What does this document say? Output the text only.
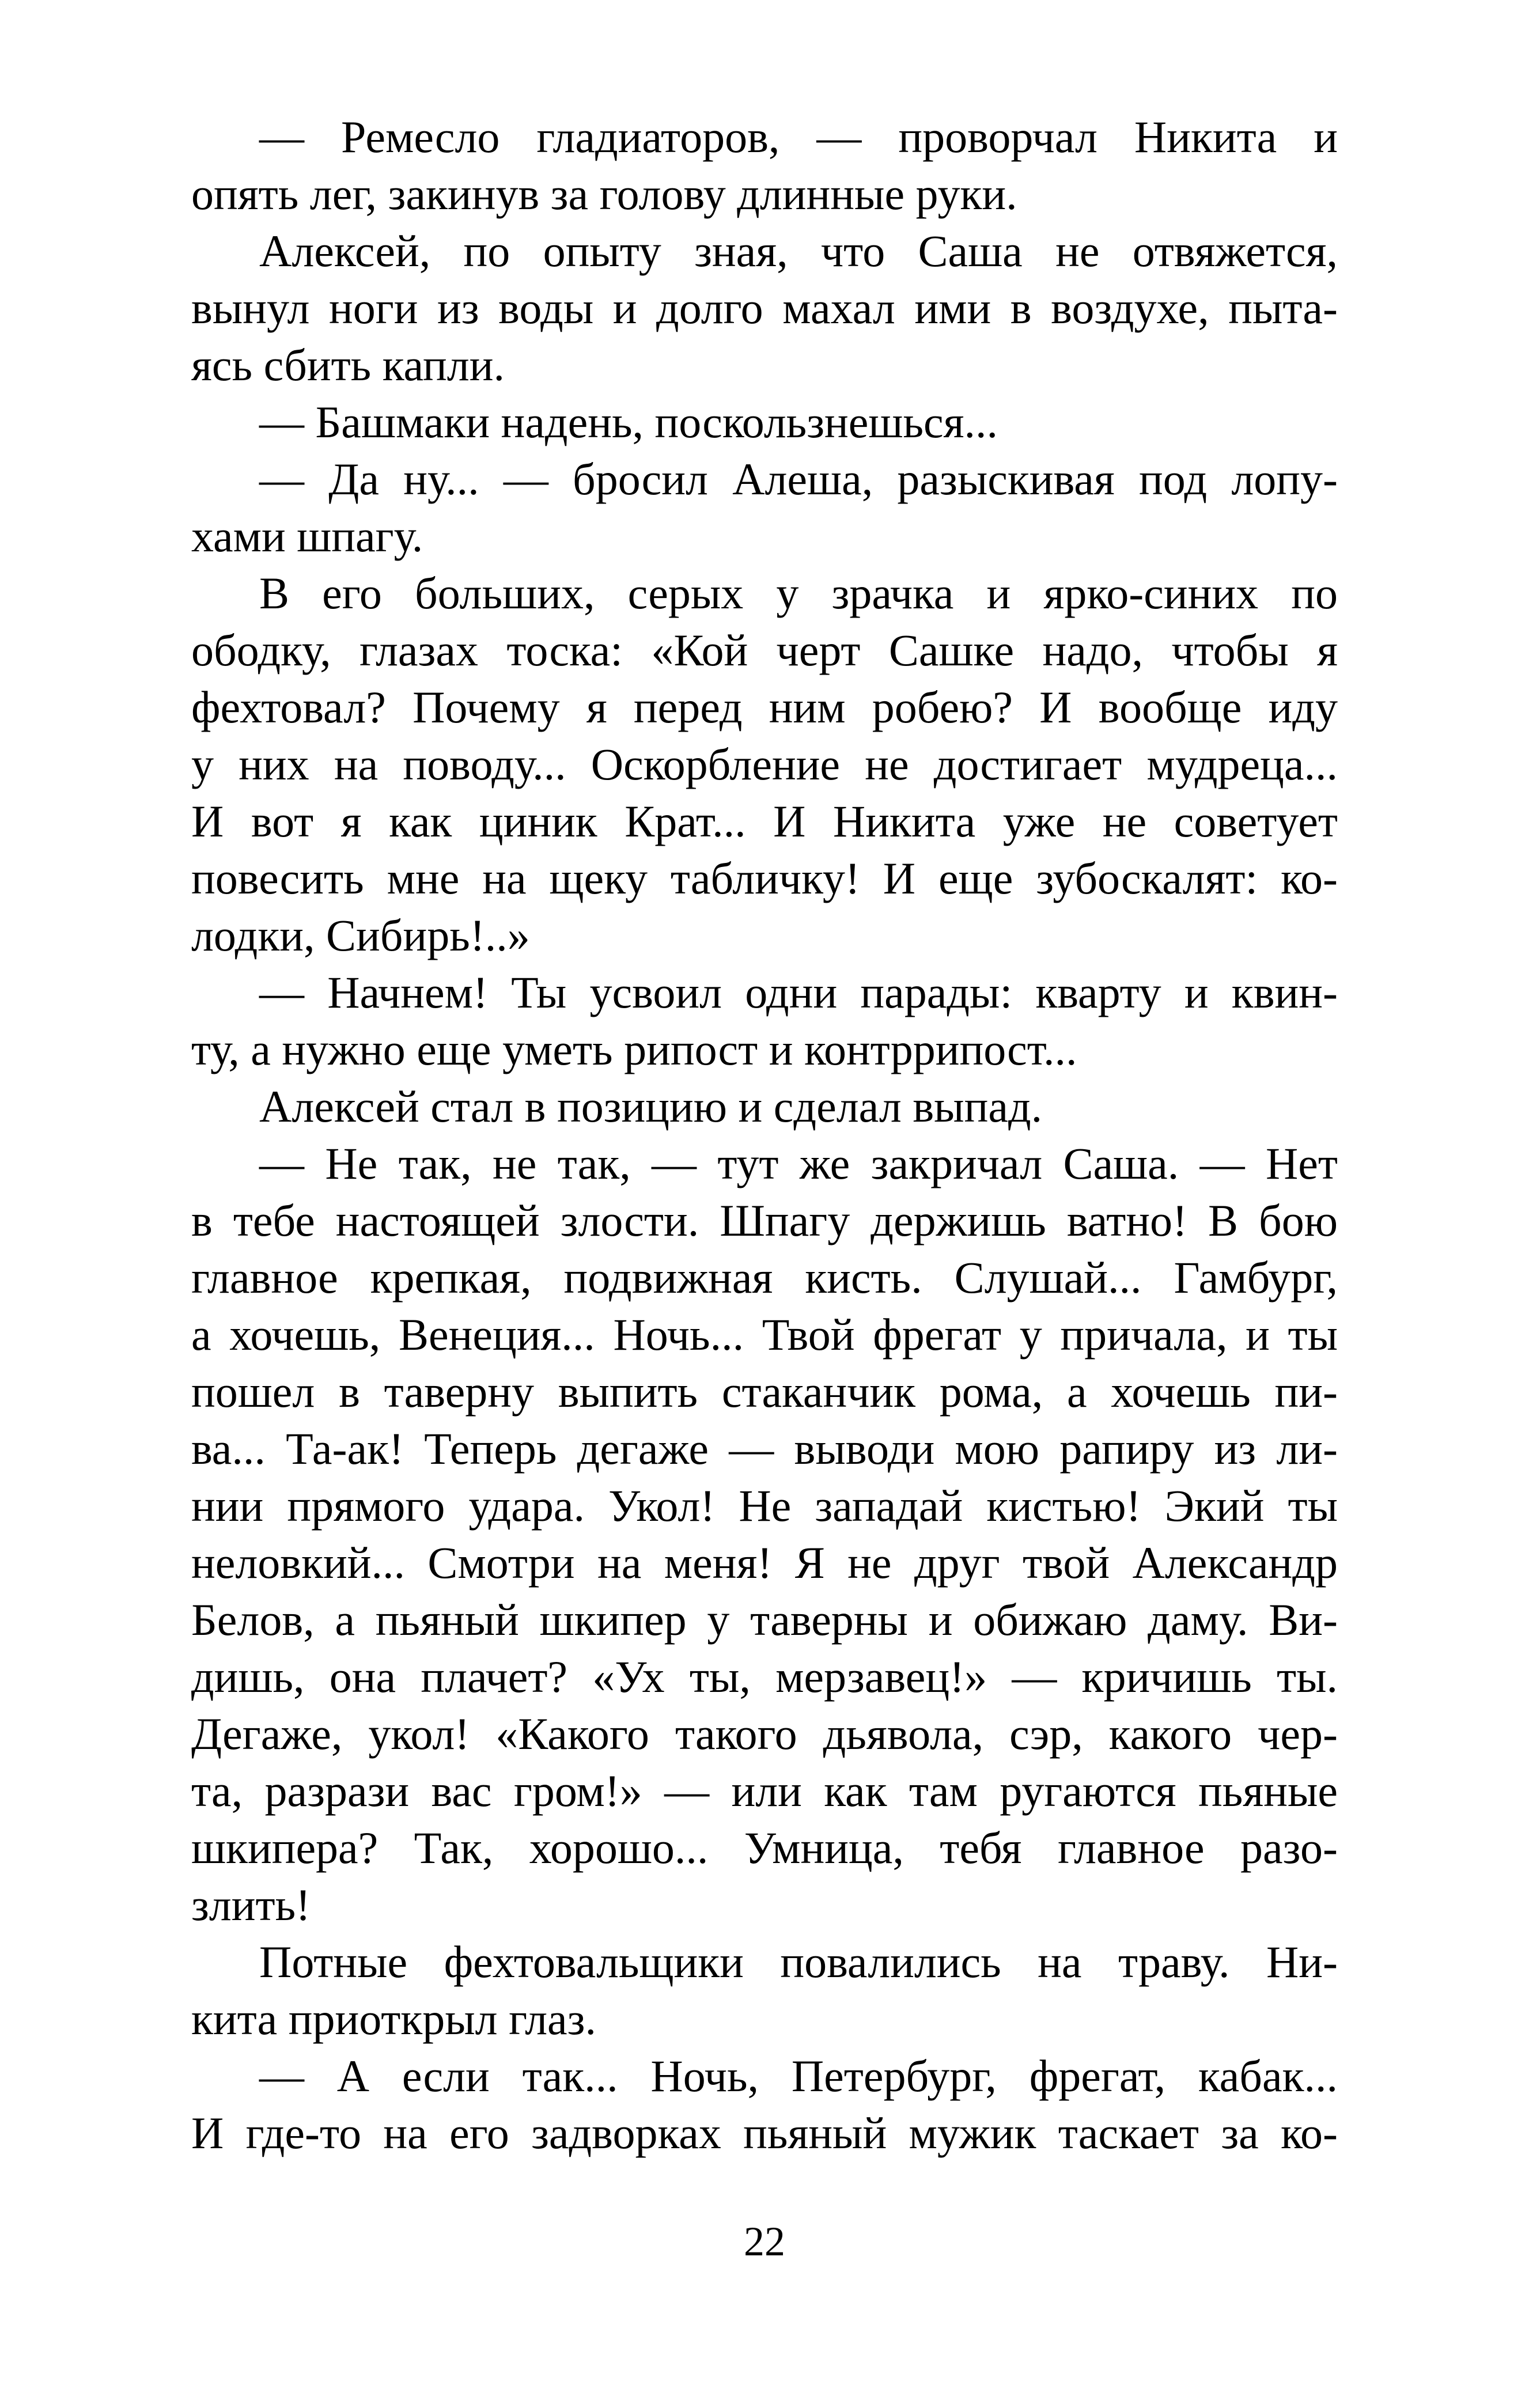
— Ремесло гладиаторов, — проворчал Никита и
опять лег, закинув за голову длинные руки.
Алексей, по опыту зная, что Саша не отвяжется,
вынул ноги из воды и долго махал ими в воздухе, пыта-
ясь сбить капли.
— Башмаки надень, поскользнешься...
— Да ну... — бросил Алеша, разыскивая под лопу-
хами шпагу.
В его больших, серых у зрачка и ярко-синих по
ободку, глазах тоска: «Кой черт Сашке надо, чтобы я
фехтовал? Почему я перед ним робею? И вообще иду
у них на поводу... Оскорбление не достигает мудреца...
И вот я как циник Крат... И Никита уже не советует
повесить мне на щеку табличку! И еще зубоскалят: ко-
лодки, Сибирь!..»
— Начнем! Ты усвоил одни парады: кварту и квин-
ту, а нужно еще уметь рипост и контррипост...
Алексей стал в позицию и сделал выпад.
— Не так, не так, — тут же закричал Саша. — Нет
в тебе настоящей злости. Шпагу держишь ватно! В бою
главное крепкая, подвижная кисть. Слушай... Гамбург,
а хочешь, Венеция... Ночь... Твой фрегат у причала, и ты
пошел в таверну выпить стаканчик рома, а хочешь пи-
ва... Та-ак! Теперь дегаже — выводи мою рапиру из ли-
нии прямого удара. Укол! Не западай кистью! Экий ты
неловкий... Смотри на меня! Я не друг твой Александр
Белов, а пьяный шкипер у таверны и обижаю даму. Ви-
дишь, она плачет? «Ух ты, мерзавец!» — кричишь ты.
Дегаже, укол! «Какого такого дьявола, сэр, какого чер-
та, разрази вас гром!» — или как там ругаются пьяные
шкипера? Так, хорошо... Умница, тебя главное разо-
злить!
Потные фехтовальщики повалились на траву. Ни-
кита приоткрыл глаз.
— А если так... Ночь, Петербург, фрегат, кабак...
И где-то на его задворках пьяный мужик таскает за ко-
22
